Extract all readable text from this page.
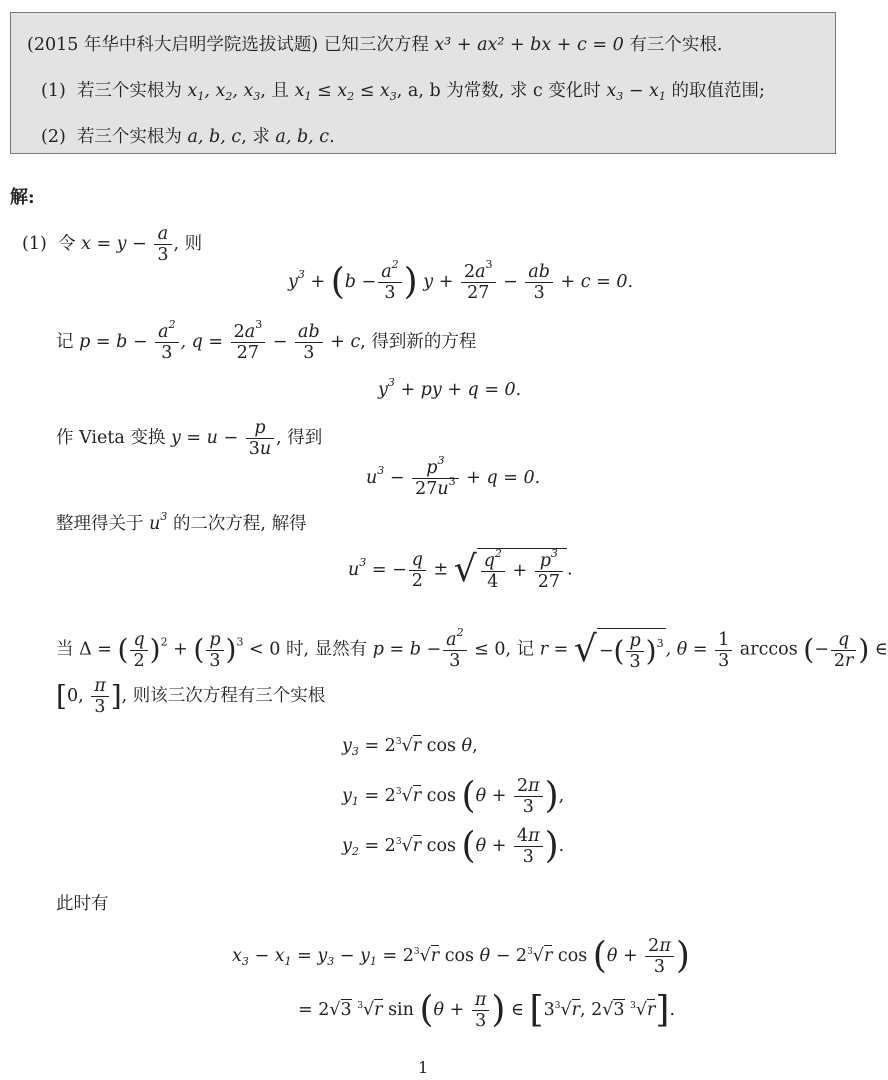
(2015 年华中科大启明学院选拔试题) 已知三次方程 x³ + ax² + bx + c = 0 有三个实根.
(1) 若三个实根为 $x_1$, $x_2$, $x_3$, 且 $x_1 \le x_2 \le x_3$, a, b 为常数, 求 c 变化时 $x_3 - x_1$ 的取值范围;
(2) 若三个实根为 a, b, c, 求 a, b, c.
解:
(1) 令 $x = y - \frac{a}{3}$ , 则
$y^3 + (b - \frac{a^2}{3}$ ) $y + \frac{2a^3}{27} - \frac{ab}{3} + c = 0$.
记 $p = b - \frac{a^2}{3}$ , $q = \frac{2a^3}{27} - \frac{ab}{3} + c$, 得到新的方程
$y^3$ + py + q = 0.
作 Vieta 变换 $y = u - \frac{p}{3u}$ , 得到
$u^3 - \frac{p^3}{27u^3} + q = 0$.
整理得关于 $u^3$ 的二次方程, 解得
$u^3$ = − $\frac{q}{2}$ ± √ $\frac{q^2}{4} + \frac{p^3}{27}$ .
当 Δ = ( $\frac{q}{2} )^2$ + ( $\frac{p}{3} )^3 < 0$ 时, 显然有 $p = b - \frac{a^2}{3} \le 0$, 记 r = √ −( $\frac{p}{3} )^3$ , $\theta = \frac{1}{3}$ arccos (− $\frac{q}{2r}$ ) ∈
[0, $\frac{\pi}{3}$ ], 则该三次方程有三个实根
$y_3 = 2^3√r$ cos θ,
$y_1 = 2^3√r$ $\cos (\theta + \frac{2\pi}{3}$ ),
$y_2 = 2^3√r$ $\cos (\theta + \frac{4\pi}{3}$ ).
此时有
$x_3 - x_1 = y_3 - y_1 = 2^3√r$ $\cos \theta - 2^3√r$ $\cos (\theta + \frac{2\pi}{3}$ )
= 2√3 $^3$√r $\sin (\theta + \frac{\pi}{3}$ ) ∈ [$3^3√r$, 2√3 $^3$√r].
1
